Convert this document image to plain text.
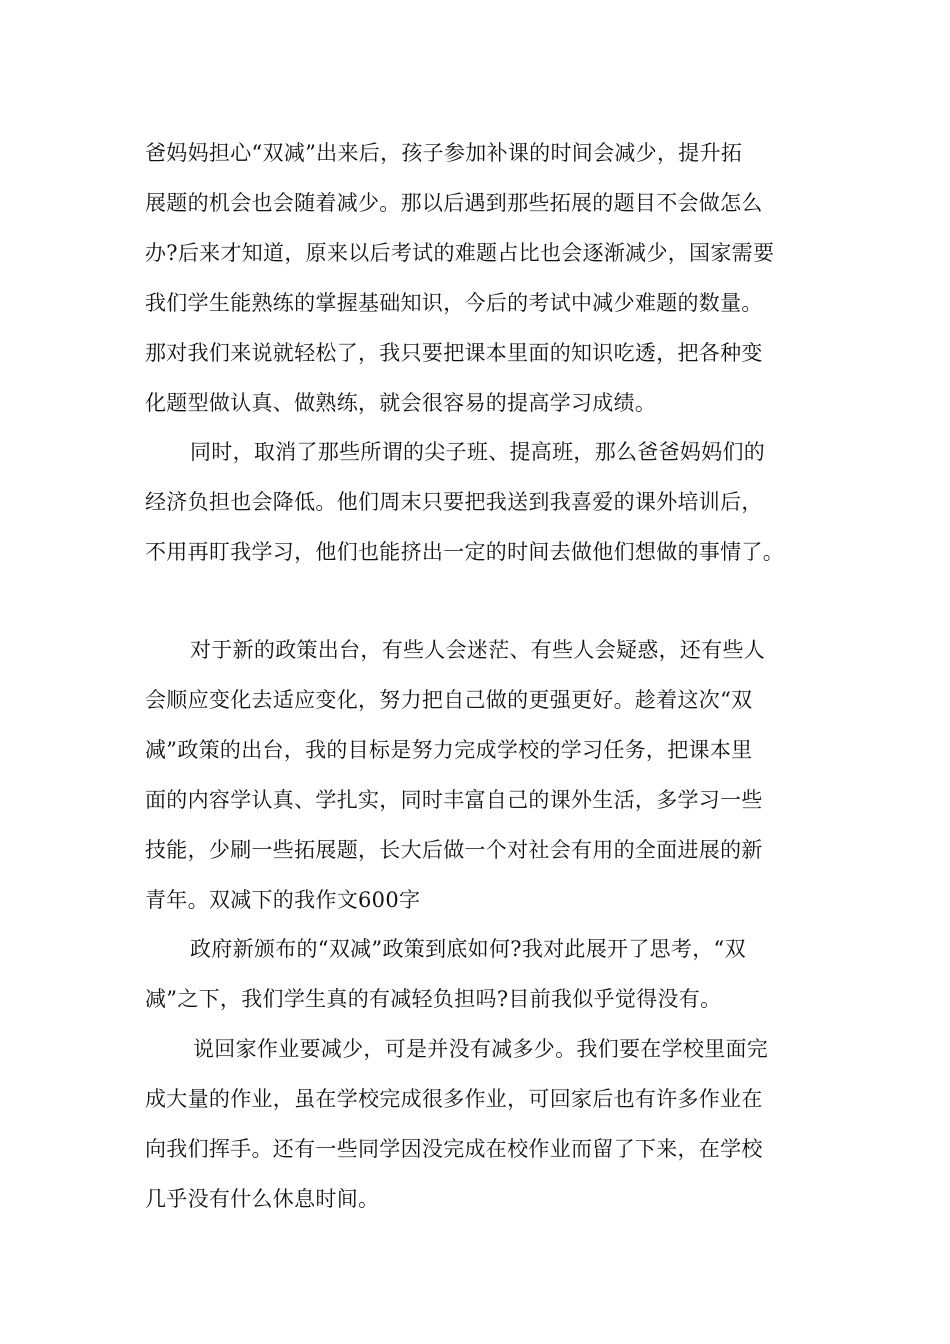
爸妈妈担心“双减”出来后，孩子参加补课的时间会减少，提升拓
展题的机会也会随着减少。那以后遇到那些拓展的题目不会做怎么
办?后来才知道，原来以后考试的难题占比也会逐渐减少，国家需要
我们学生能熟练的掌握基础知识，今后的考试中减少难题的数量。
那对我们来说就轻松了，我只要把课本里面的知识吃透，把各种变
化题型做认真、做熟练，就会很容易的提高学习成绩。
同时，取消了那些所谓的尖子班、提高班，那么爸爸妈妈们的
经济负担也会降低。他们周末只要把我送到我喜爱的课外培训后，
不用再盯我学习，他们也能挤出一定的时间去做他们想做的事情了。
对于新的政策出台，有些人会迷茫、有些人会疑惑，还有些人
会顺应变化去适应变化，努力把自己做的更强更好。趁着这次“双
减”政策的出台，我的目标是努力完成学校的学习任务，把课本里
面的内容学认真、学扎实，同时丰富自己的课外生活，多学习一些
技能，少刷一些拓展题，长大后做一个对社会有用的全面进展的新
青年。双减下的我作文600字
政府新颁布的“双减”政策到底如何?我对此展开了思考，“双
减”之下，我们学生真的有减轻负担吗?目前我似乎觉得没有。
说回家作业要减少，可是并没有减多少。我们要在学校里面完
成大量的作业，虽在学校完成很多作业，可回家后也有许多作业在
向我们挥手。还有一些同学因没完成在校作业而留了下来，在学校
几乎没有什么休息时间。
